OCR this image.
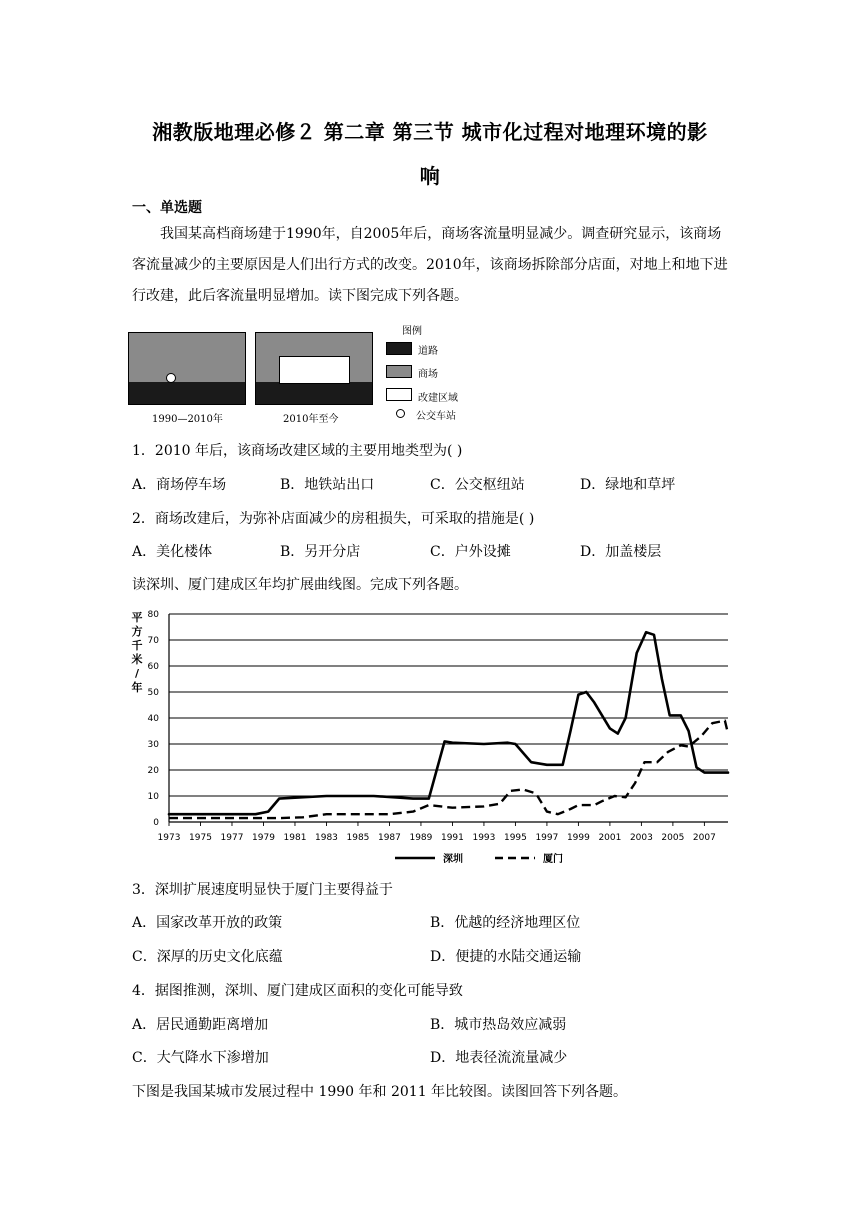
湘教版地理必修２ 第二章 第三节 城市化过程对地理环境的影
响
一、单选题
我国某高档商场建于1990年，自2005年后，商场客流量明显减少。调查研究显示，该商场客流量减少的主要原因是人们出行方式的改变。2010年，该商场拆除部分店面，对地上和地下进行改建，此后客流量明显增加。读下图完成下列各题。
1990—2010年	2010年至今
图例
道路
商场
改建区域
公交车站
1．2010 年后，该商场改建区域的主要用地类型为( )
A．商场停车场	B．地铁站出口	C．公交枢纽站	D．绿地和草坪
2．商场改建后，为弥补店面减少的房租损失，可采取的措施是( )
A．美化楼体	B．另开分店	C．户外设摊	D．加盖楼层
读深圳、厦门建成区年均扩展曲线图。完成下列各题。
0
10
20
30
40
50
60
70
80
1973 1975 1977 1979 1981 1983 1985 1987 1989 1991 1993 1995 1997 1999 2001 2003 2005 2007
平
方
千
米
/
年
深圳	厦门
3．深圳扩展速度明显快于厦门主要得益于
A．国家改革开放的政策	B．优越的经济地理区位
C．深厚的历史文化底蕴	D．便捷的水陆交通运输
4．据图推测，深圳、厦门建成区面积的变化可能导致
A．居民通勤距离增加	B．城市热岛效应减弱
C．大气降水下渗增加	D．地表径流流量减少
下图是我国某城市发展过程中 1990 年和 2011 年比较图。读图回答下列各题。
